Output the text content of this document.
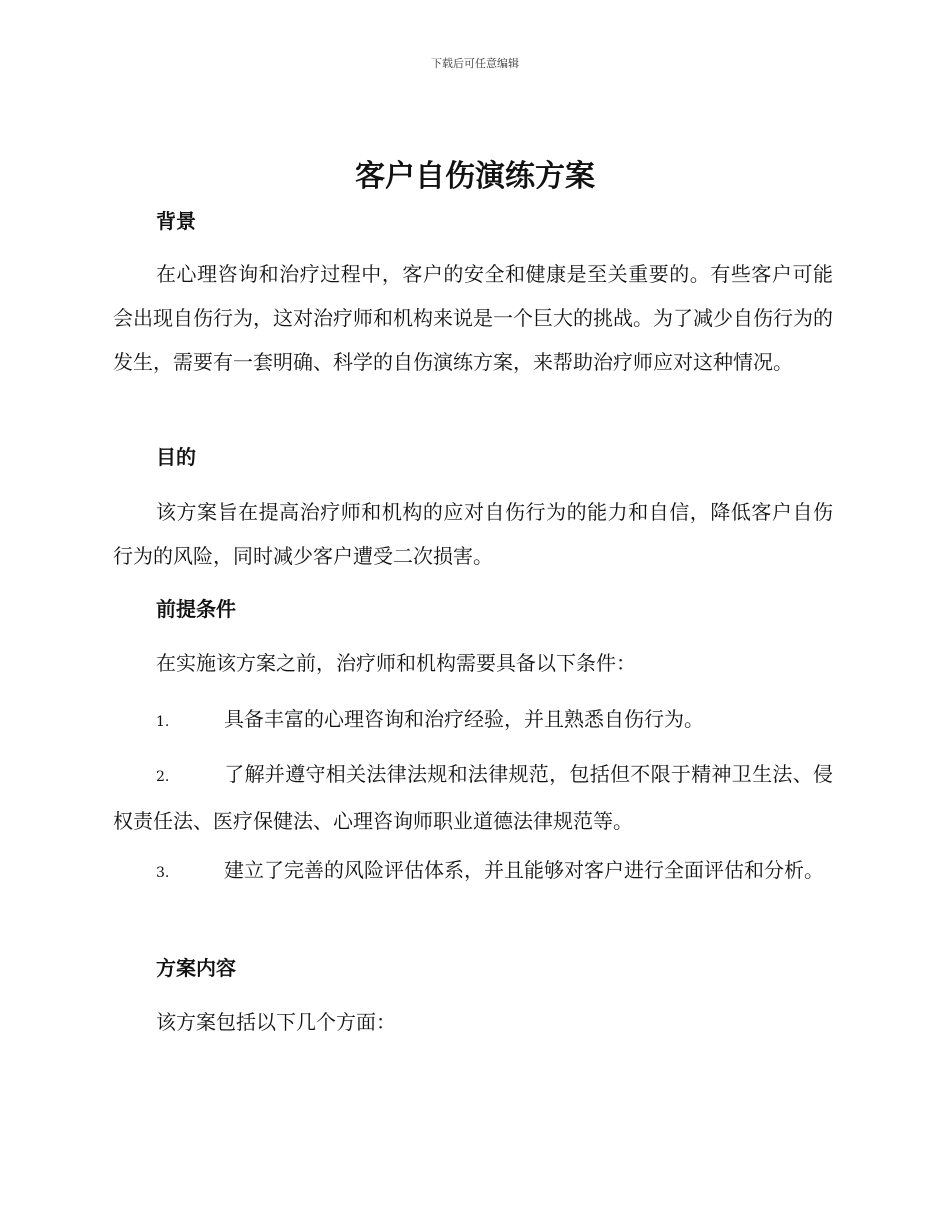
下载后可任意编辑
客户自伤演练方案
背景

在心理咨询和治疗过程中，客户的安全和健康是至关重要的。有些客户可能会出现自伤行为，这对治疗师和机构来说是一个巨大的挑战。为了减少自伤行为的发生，需要有一套明确、科学的自伤演练方案，来帮助治疗师应对这种情况。

目的

该方案旨在提高治疗师和机构的应对自伤行为的能力和自信，降低客户自伤行为的风险，同时减少客户遭受二次损害。

前提条件

在实施该方案之前，治疗师和机构需要具备以下条件：

1.	具备丰富的心理咨询和治疗经验，并且熟悉自伤行为。

2.	了解并遵守相关法律法规和法律规范，包括但不限于精神卫生法、侵权责任法、医疗保健法、心理咨询师职业道德法律规范等。

3.	建立了完善的风险评估体系，并且能够对客户进行全面评估和分析。

方案内容

该方案包括以下几个方面：
